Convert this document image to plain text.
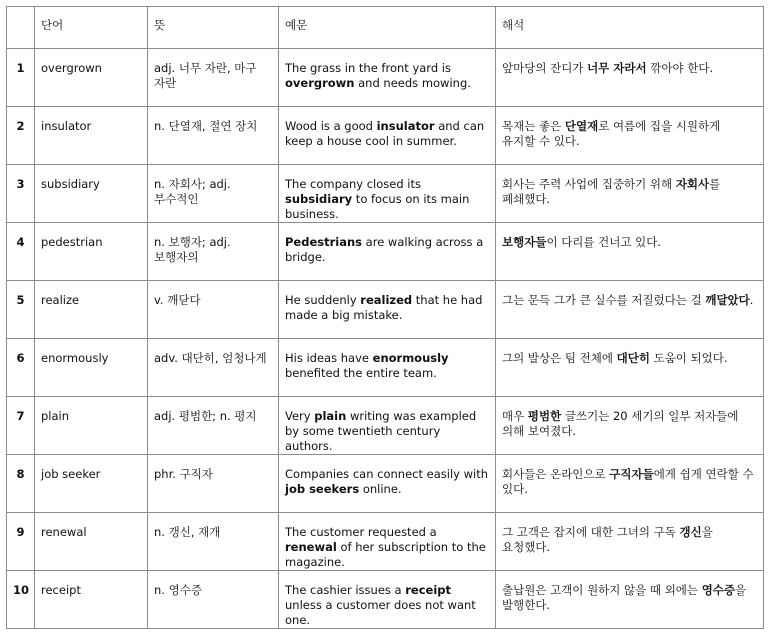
	단어	뜻	예문	해석
1	overgrown	adj. 너무 자란, 마구 자란	The grass in the front yard is overgrown and needs mowing.	앞마당의 잔디가 너무 자라서 깎아야 한다.
2	insulator	n. 단열재, 절연 장치	Wood is a good insulator and can keep a house cool in summer.	목재는 좋은 단열재로 여름에 집을 시원하게 유지할 수 있다.
3	subsidiary	n. 자회사; adj. 부수적인	The company closed its subsidiary to focus on its main business.	회사는 주력 사업에 집중하기 위해 자회사를 폐쇄했다.
4	pedestrian	n. 보행자; adj. 보행자의	Pedestrians are walking across a bridge.	보행자들이 다리를 건너고 있다.
5	realize	v. 깨닫다	He suddenly realized that he had made a big mistake.	그는 문득 그가 큰 실수를 저질렀다는 걸 깨달았다.
6	enormously	adv. 대단히, 엄청나게	His ideas have enormously benefited the entire team.	그의 발상은 팀 전체에 대단히 도움이 되었다.
7	plain	adj. 평범한; n. 평지	Very plain writing was exampled by some twentieth century authors.	매우 평범한 글쓰기는 20 세기의 일부 저자들에 의해 보여졌다.
8	job seeker	phr. 구직자	Companies can connect easily with job seekers online.	회사들은 온라인으로 구직자들에게 쉽게 연락할 수 있다.
9	renewal	n. 갱신, 재개	The customer requested a renewal of her subscription to the magazine.	그 고객은 잡지에 대한 그녀의 구독 갱신을 요청했다.
10	receipt	n. 영수증	The cashier issues a receipt unless a customer does not want one.	출납원은 고객이 원하지 않을 때 외에는 영수증을 발행한다.
